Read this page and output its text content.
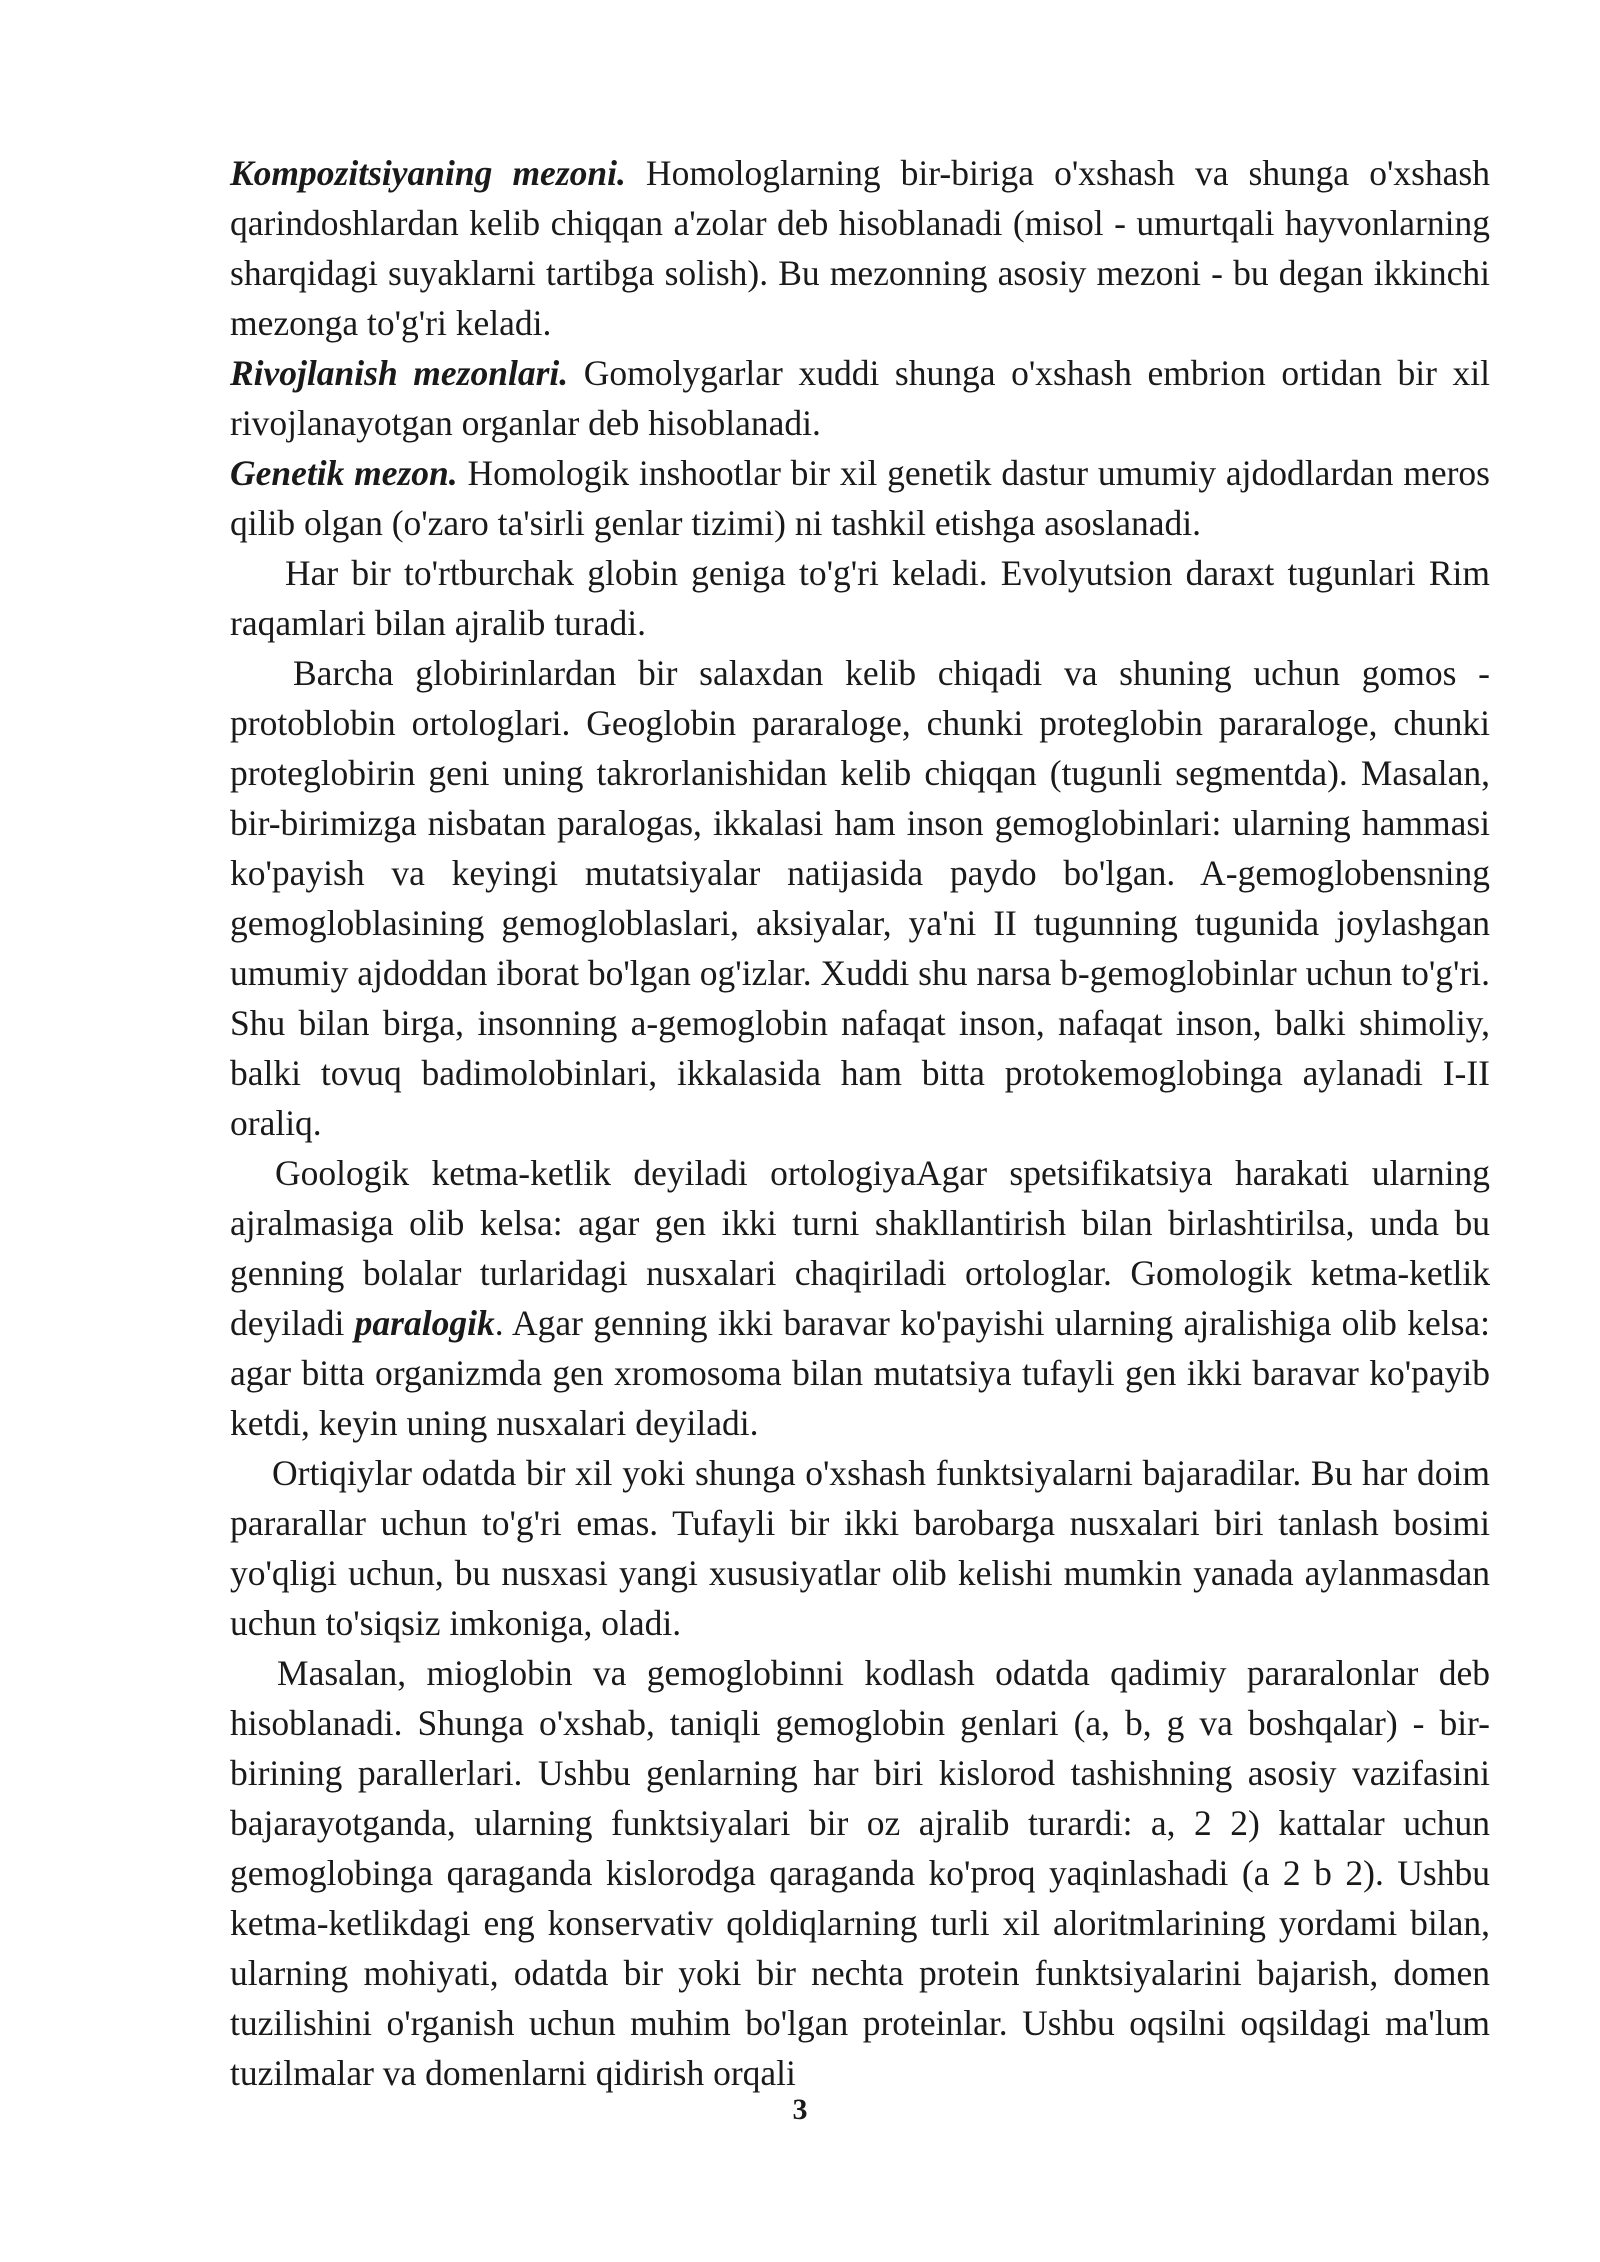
Kompozitsiyaning mezoni. Homologlarning bir-biriga o'xshash va shunga o'xshash qarindoshlardan kelib chiqqan a'zolar deb hisoblanadi (misol - umurtqali hayvonlarning sharqidagi suyaklarni tartibga solish). Bu mezonning asosiy mezoni - bu degan ikkinchi mezonga to'g'ri keladi.

Rivojlanish mezonlari. Gomolygarlar xuddi shunga o'xshash embrion ortidan bir xil rivojlanayotgan organlar deb hisoblanadi.

Genetik mezon. Homologik inshootlar bir xil genetik dastur umumiy ajdodlardan meros qilib olgan (o'zaro ta'sirli genlar tizimi) ni tashkil etishga asoslanadi.

Har bir to'rtburchak globin geniga to'g'ri keladi. Evolyutsion daraxt tugunlari Rim raqamlari bilan ajralib turadi.

Barcha globirinlardan bir salaxdan kelib chiqadi va shuning uchun gomos - protoblobin ortologlari. Geoglobin pararaloge, chunki proteglobin pararaloge, chunki proteglobirin geni uning takrorlanishidan kelib chiqqan (tugunli segmentda). Masalan, bir-birimizga nisbatan paralogas, ikkalasi ham inson gemoglobinlari: ularning hammasi ko'payish va keyingi mutatsiyalar natijasida paydo bo'lgan. A-gemoglobensning gemogloblasining gemogloblaslari, aksiyalar, ya'ni II tugunning tugunida joylashgan umumiy ajdoddan iborat bo'lgan og'izlar. Xuddi shu narsa b-gemoglobinlar uchun to'g'ri. Shu bilan birga, insonning a-gemoglobin nafaqat inson, nafaqat inson, balki shimoliy, balki tovuq badimolobinlari, ikkalasida ham bitta protokemoglobinga aylanadi I-II oraliq.

Goologik ketma-ketlik deyiladi ortologiyaAgar spetsifikatsiya harakati ularning ajralmasiga olib kelsa: agar gen ikki turni shakllantirish bilan birlashtirilsa, unda bu genning bolalar turlaridagi nusxalari chaqiriladi ortologlar. Gomologik ketma-ketlik deyiladi paralogik. Agar genning ikki baravar ko'payishi ularning ajralishiga olib kelsa: agar bitta organizmda gen xromosoma bilan mutatsiya tufayli gen ikki baravar ko'payib ketdi, keyin uning nusxalari deyiladi.

Ortiqiylar odatda bir xil yoki shunga o'xshash funktsiyalarni bajaradilar. Bu har doim pararallar uchun to'g'ri emas. Tufayli bir ikki barobarga nusxalari biri tanlash bosimi yo'qligi uchun, bu nusxasi yangi xususiyatlar olib kelishi mumkin yanada aylanmasdan uchun to'siqsiz imkoniga, oladi.

Masalan, mioglobin va gemoglobinni kodlash odatda qadimiy pararalonlar deb hisoblanadi. Shunga o'xshab, taniqli gemoglobin genlari (a, b, g va boshqalar) - bir-birining parallerlari. Ushbu genlarning har biri kislorod tashishning asosiy vazifasini bajarayotganda, ularning funktsiyalari bir oz ajralib turardi: a, 2 2) kattalar uchun gemoglobinga qaraganda kislorodga qaraganda ko'proq yaqinlashadi (a 2 b 2). Ushbu ketma-ketlikdagi eng konservativ qoldiqlarning turli xil aloritmlarining yordami bilan, ularning mohiyati, odatda bir yoki bir nechta protein funktsiyalarini bajarish, domen tuzilishini o'rganish uchun muhim bo'lgan proteinlar. Ushbu oqsilni oqsildagi ma'lum tuzilmalar va domenlarni qidirish orqali

3
